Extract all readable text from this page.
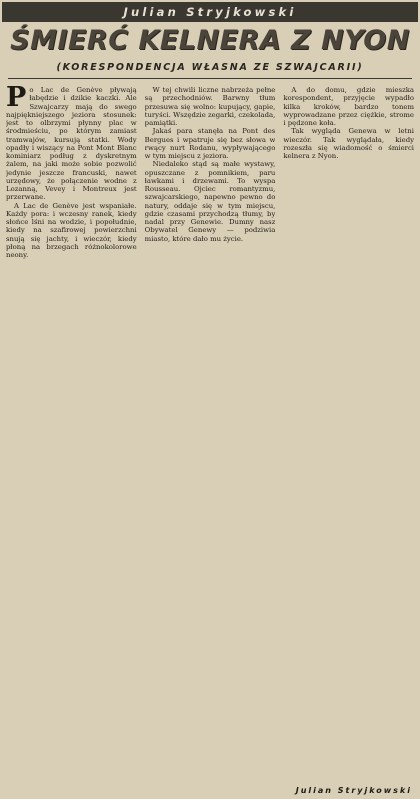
Julian Stryjkowski
ŚMIERĆ KELNERA Z NYON
(KORESPONDENCJA WŁASNA ZE SZWAJCARII)

Po Lac de Genève pływają łabędzie i dzikie kaczki. Ale Szwajcarzy mają do swego najpiękniejszego jeziora stosunek: jest to olbrzymi płynny plac w środmieściu, po którym zamiast tramwajów, kursują statki. Wody opadły i wiszący na Pont Mont Blanc kominiarz podług z dyskretnym żalem, na jaki może sobie pozwolić jedynie jeszcze francuski, nawet urzędowy, że połączenie wodne z Lozanną, Vevey i Montreux jest przerwane.

A Lac de Genève jest wspaniałe. Każdy pora: i wczesny ranek, kiedy słońce lśni na wodzie, i popołudnie, kiedy na szafirowej powierzchni snują się jachty, i wieczór, kiedy płoną na brzegach różnokolorowe neony.

W tej chwili liczne nabrzeża pełne są przechodniów. Barwny tłum przesuwa się wolno: kupujący, gapie, turyści. Wszędzie zegarki, czekolada, pamiątki.

Jakaś para stanęła na Pont des Bergues i wpatruje się bez słowa w rwący nurt Rodanu, wypływającego w tym miejscu z jeziora.

Niedaleko stąd są małe wystawy, opuszczane z pomnikiem, paru ławkami i drzewami. To wyspa Rousseau. Ojciec romantyzmu, szwajcarskiego, napewno pewno do natury, oddaje się w tym miejscu, gdzie czasami przychodzą tłumy, by nadal przy Genewie. Dumny nasz Obywatel Genewy — podziwia miasto, które dało mu życie.

A do domu, gdzie mieszka korespondent, przyjęcie wypadło kilka kroków, bardzo tonem wyprowadzane przez ciężkie, strome i pędzone koła.

Tak wygląda Genewa w letni wieczór. Tak wyglądała, kiedy rozeszła się wiadomość o śmierci kelnera z Nyon.

Julian Stryjkowski
